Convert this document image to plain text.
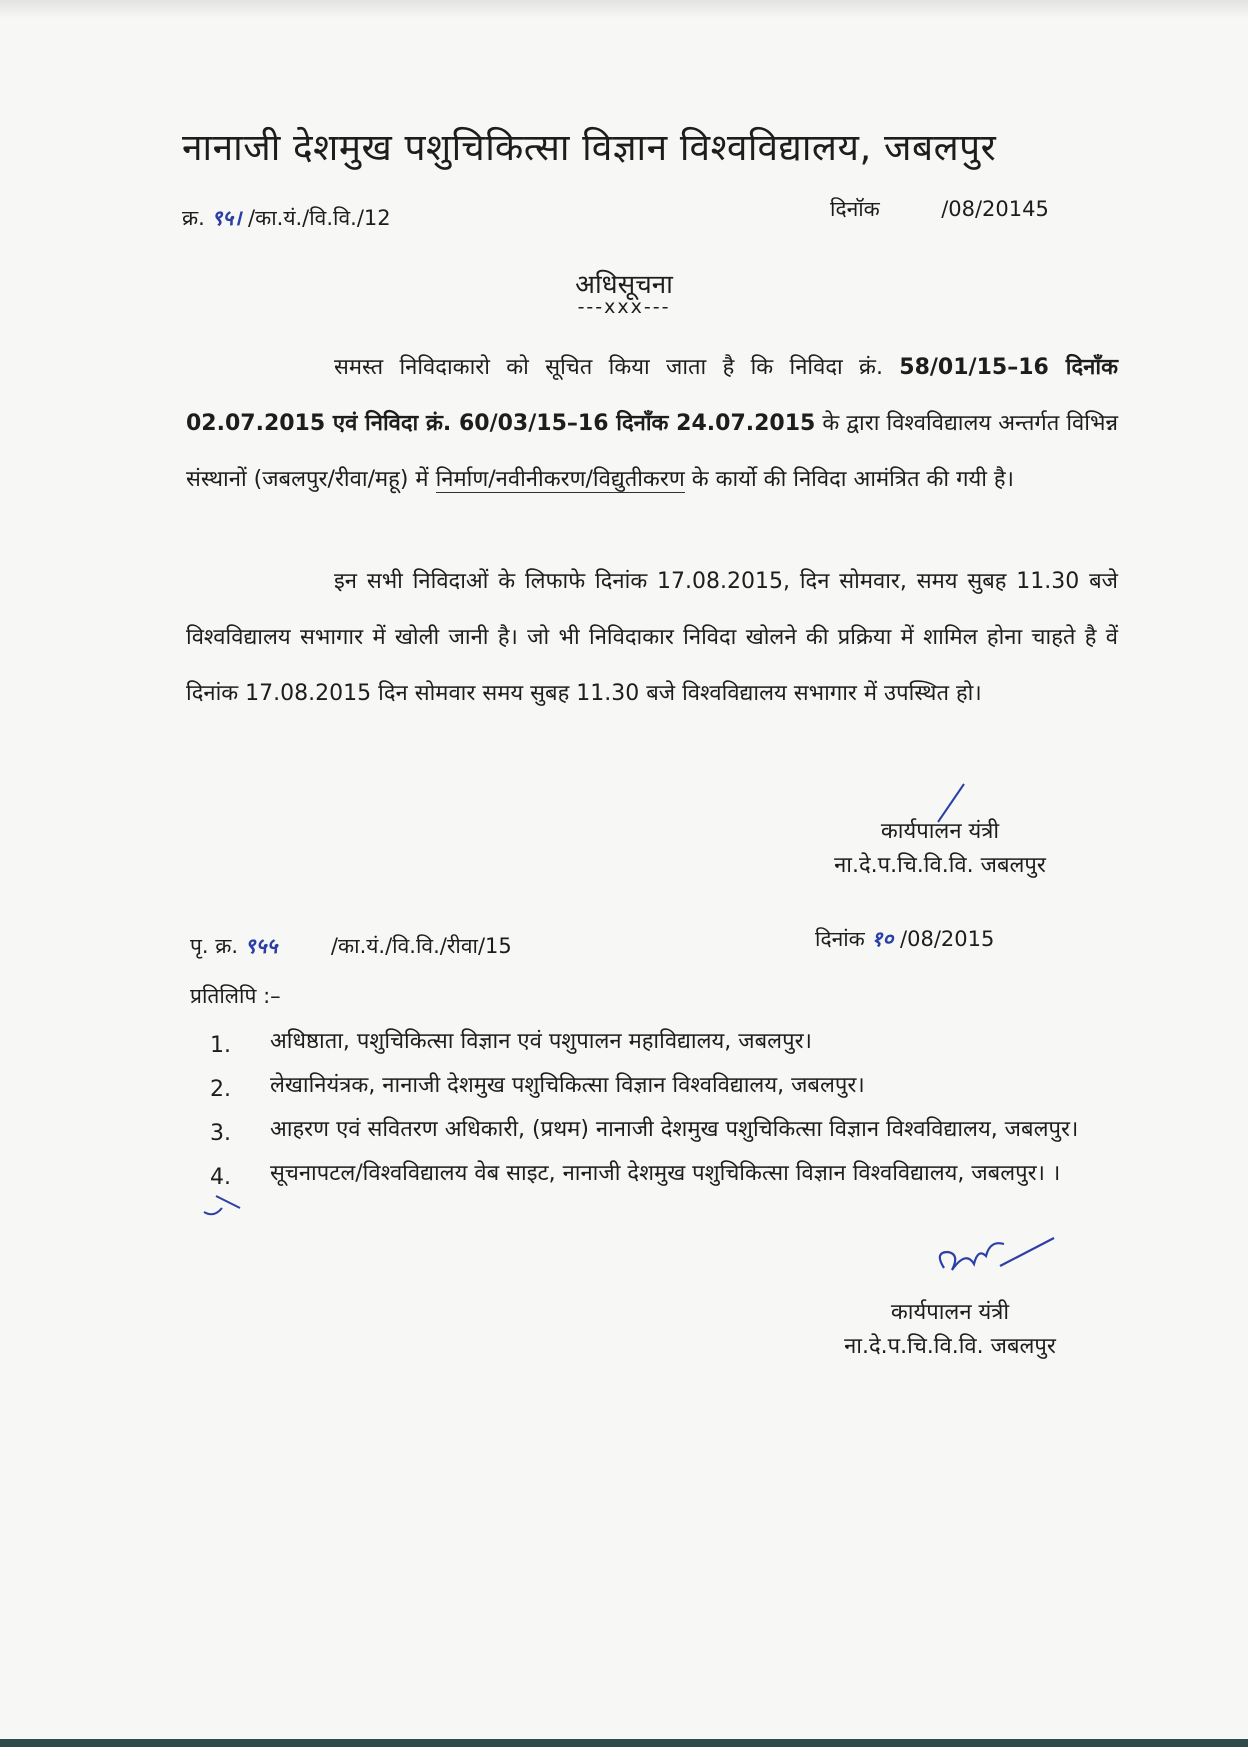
नानाजी देशमुख पशुचिकित्सा विज्ञान विश्वविद्यालय, जबलपुर
क्र. ९५। /का.यं./वि.वि./12	दिनॉक	/08/20145
अधिसूचना
---xxx---

समस्त निविदाकारो को सूचित किया जाता है कि निविदा क्रं. 58/01/15–16 दिनाँक 02.07.2015 एवं निविदा क्रं. 60/03/15–16 दिनाँक 24.07.2015 के द्वारा विश्वविद्यालय अन्तर्गत विभिन्न संस्थानों (जबलपुर/रीवा/महू) में निर्माण/नवीनीकरण/विद्युतीकरण के कार्यो की निविदा आमंत्रित की गयी है।

इन सभी निविदाओं के लिफाफे दिनांक 17.08.2015, दिन सोमवार, समय सुबह 11.30 बजे विश्वविद्यालय सभागार में खोली जानी है। जो भी निविदाकार निविदा खोलने की प्रक्रिया में शामिल होना चाहते है वें दिनांक 17.08.2015 दिन सोमवार समय सुबह 11.30 बजे विश्वविद्यालय सभागार में उपस्थित हो।

कार्यपालन यंत्री
ना.दे.प.चि.वि.वि. जबलपुर
पृ. क्र. ९५५	/का.यं./वि.वि./रीवा/15	दिनांक १० /08/2015
प्रतिलिपि :–
1.	अधिष्ठाता, पशुचिकित्सा विज्ञान एवं पशुपालन महाविद्यालय, जबलपुर।
2.	लेखानियंत्रक, नानाजी देशमुख पशुचिकित्सा विज्ञान विश्वविद्यालय, जबलपुर।
3.	आहरण एवं सवितरण अधिकारी, (प्रथम) नानाजी देशमुख पशुचिकित्सा विज्ञान विश्वविद्यालय, जबलपुर।
4.	सूचनापटल/विश्वविद्यालय वेब साइट, नानाजी देशमुख पशुचिकित्सा विज्ञान विश्वविद्यालय, जबलपुर। ।
कार्यपालन यंत्री
ना.दे.प.चि.वि.वि. जबलपुर
